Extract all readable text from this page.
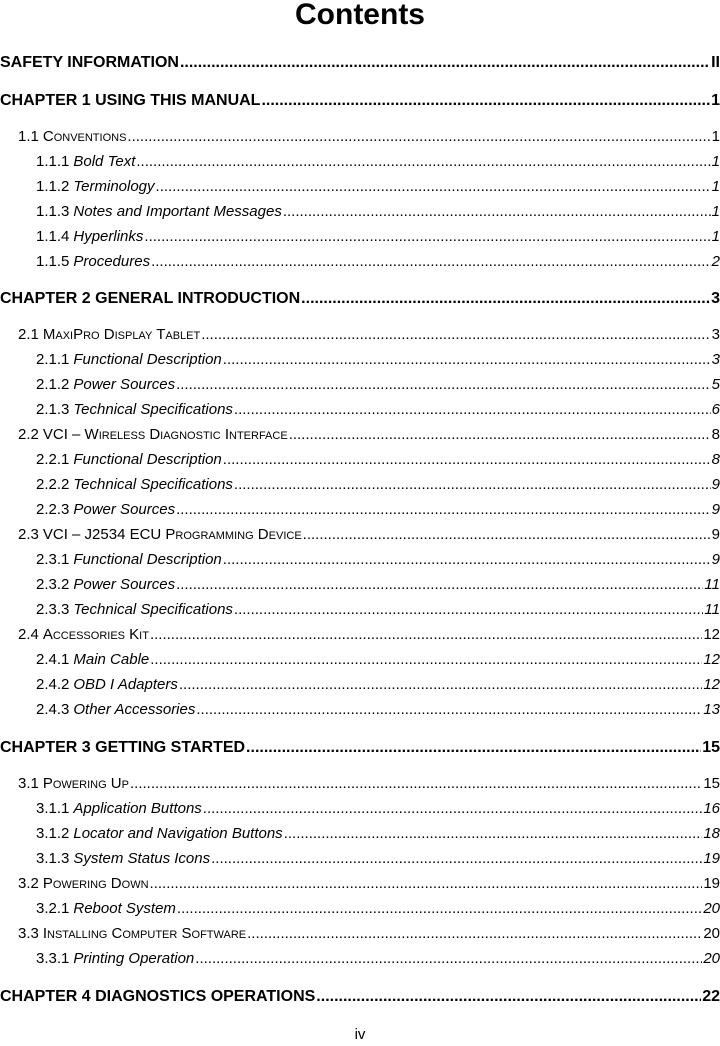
Contents
SAFETY INFORMATION .....	II
CHAPTER 1 USING THIS MANUAL .....	1
1.1 Conventions .....	1
1.1.1 Bold Text .....	1
1.1.2 Terminology .....	1
1.1.3 Notes and Important Messages .....	1
1.1.4 Hyperlinks .....	1
1.1.5 Procedures .....	2
CHAPTER 2 GENERAL INTRODUCTION .....	3
2.1 MaxiPro Display Tablet .....	3
2.1.1 Functional Description .....	3
2.1.2 Power Sources .....	5
2.1.3 Technical Specifications .....	6
2.2 VCI – Wireless Diagnostic Interface .....	8
2.2.1 Functional Description .....	8
2.2.2 Technical Specifications .....	9
2.2.3 Power Sources .....	9
2.3 VCI – J2534 ECU Programming Device .....	9
2.3.1 Functional Description .....	9
2.3.2 Power Sources .....	11
2.3.3 Technical Specifications .....	11
2.4 Accessories Kit .....	12
2.4.1 Main Cable .....	12
2.4.2 OBD I Adapters .....	12
2.4.3 Other Accessories .....	13
CHAPTER 3 GETTING STARTED .....	15
3.1 Powering Up .....	15
3.1.1 Application Buttons .....	16
3.1.2 Locator and Navigation Buttons .....	18
3.1.3 System Status Icons .....	19
3.2 Powering Down .....	19
3.2.1 Reboot System .....	20
3.3 Installing Computer Software .....	20
3.3.1 Printing Operation .....	20
CHAPTER 4 DIAGNOSTICS OPERATIONS .....	22
iv
